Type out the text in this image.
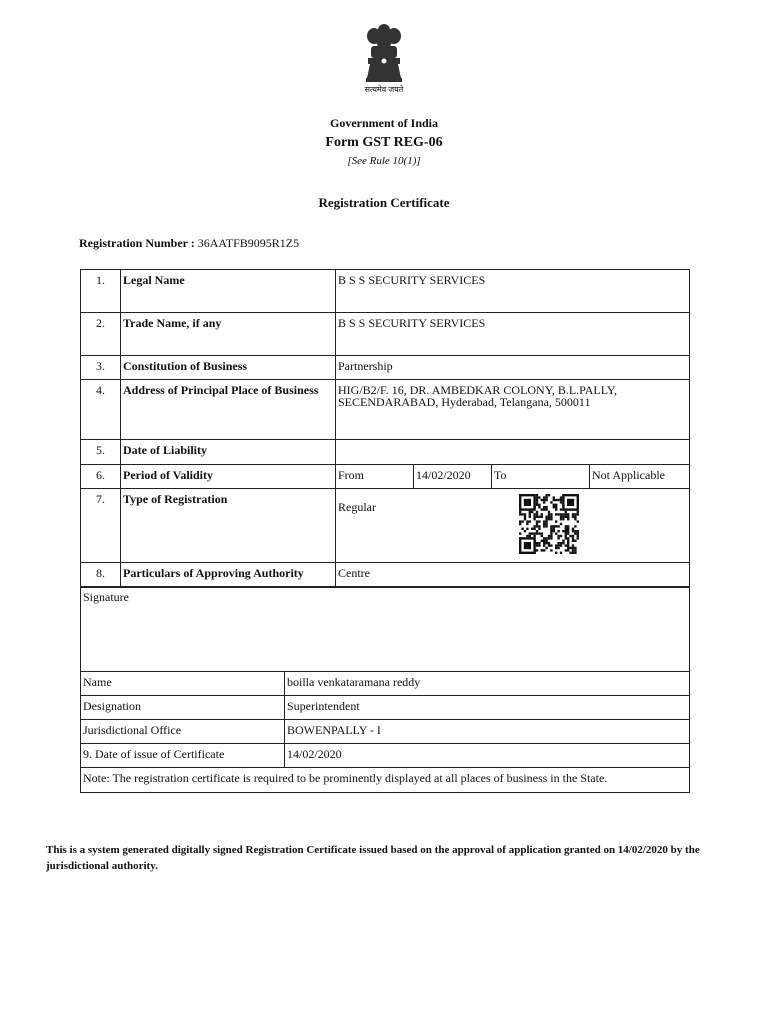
सत्यमेव जयते
Government of India
Form GST REG-06
[See Rule 10(1)]
Registration Certificate
Registration Number : 36AATFB9095R1Z5
1.	Legal Name	B S S SECURITY SERVICES			
2.	Trade Name, if any	B S S SECURITY SERVICES			
3.	Constitution of Business	Partnership			
4.	Address of Principal Place of Business	HIG/B2/F. 16, DR. AMBEDKAR COLONY, B.L.PALLY, SECENDARABAD, Hyderabad, Telangana, 500011			
5.	Date of Liability				
6.	Period of Validity	From	14/02/2020	To	Not Applicable
7.	Type of Registration	Regular			

8.	Particulars of Approving Authority	Centre			
Signature	
Name	boilla venkataramana reddy
Designation	Superintendent
Jurisdictional Office	BOWENPALLY - I
9. Date of issue of Certificate	14/02/2020
Note: The registration certificate is required to be prominently displayed at all places of business in the State.	
This is a system generated digitally signed Registration Certificate issued based on the approval of application granted on 14/02/2020 by the jurisdictional authority.
